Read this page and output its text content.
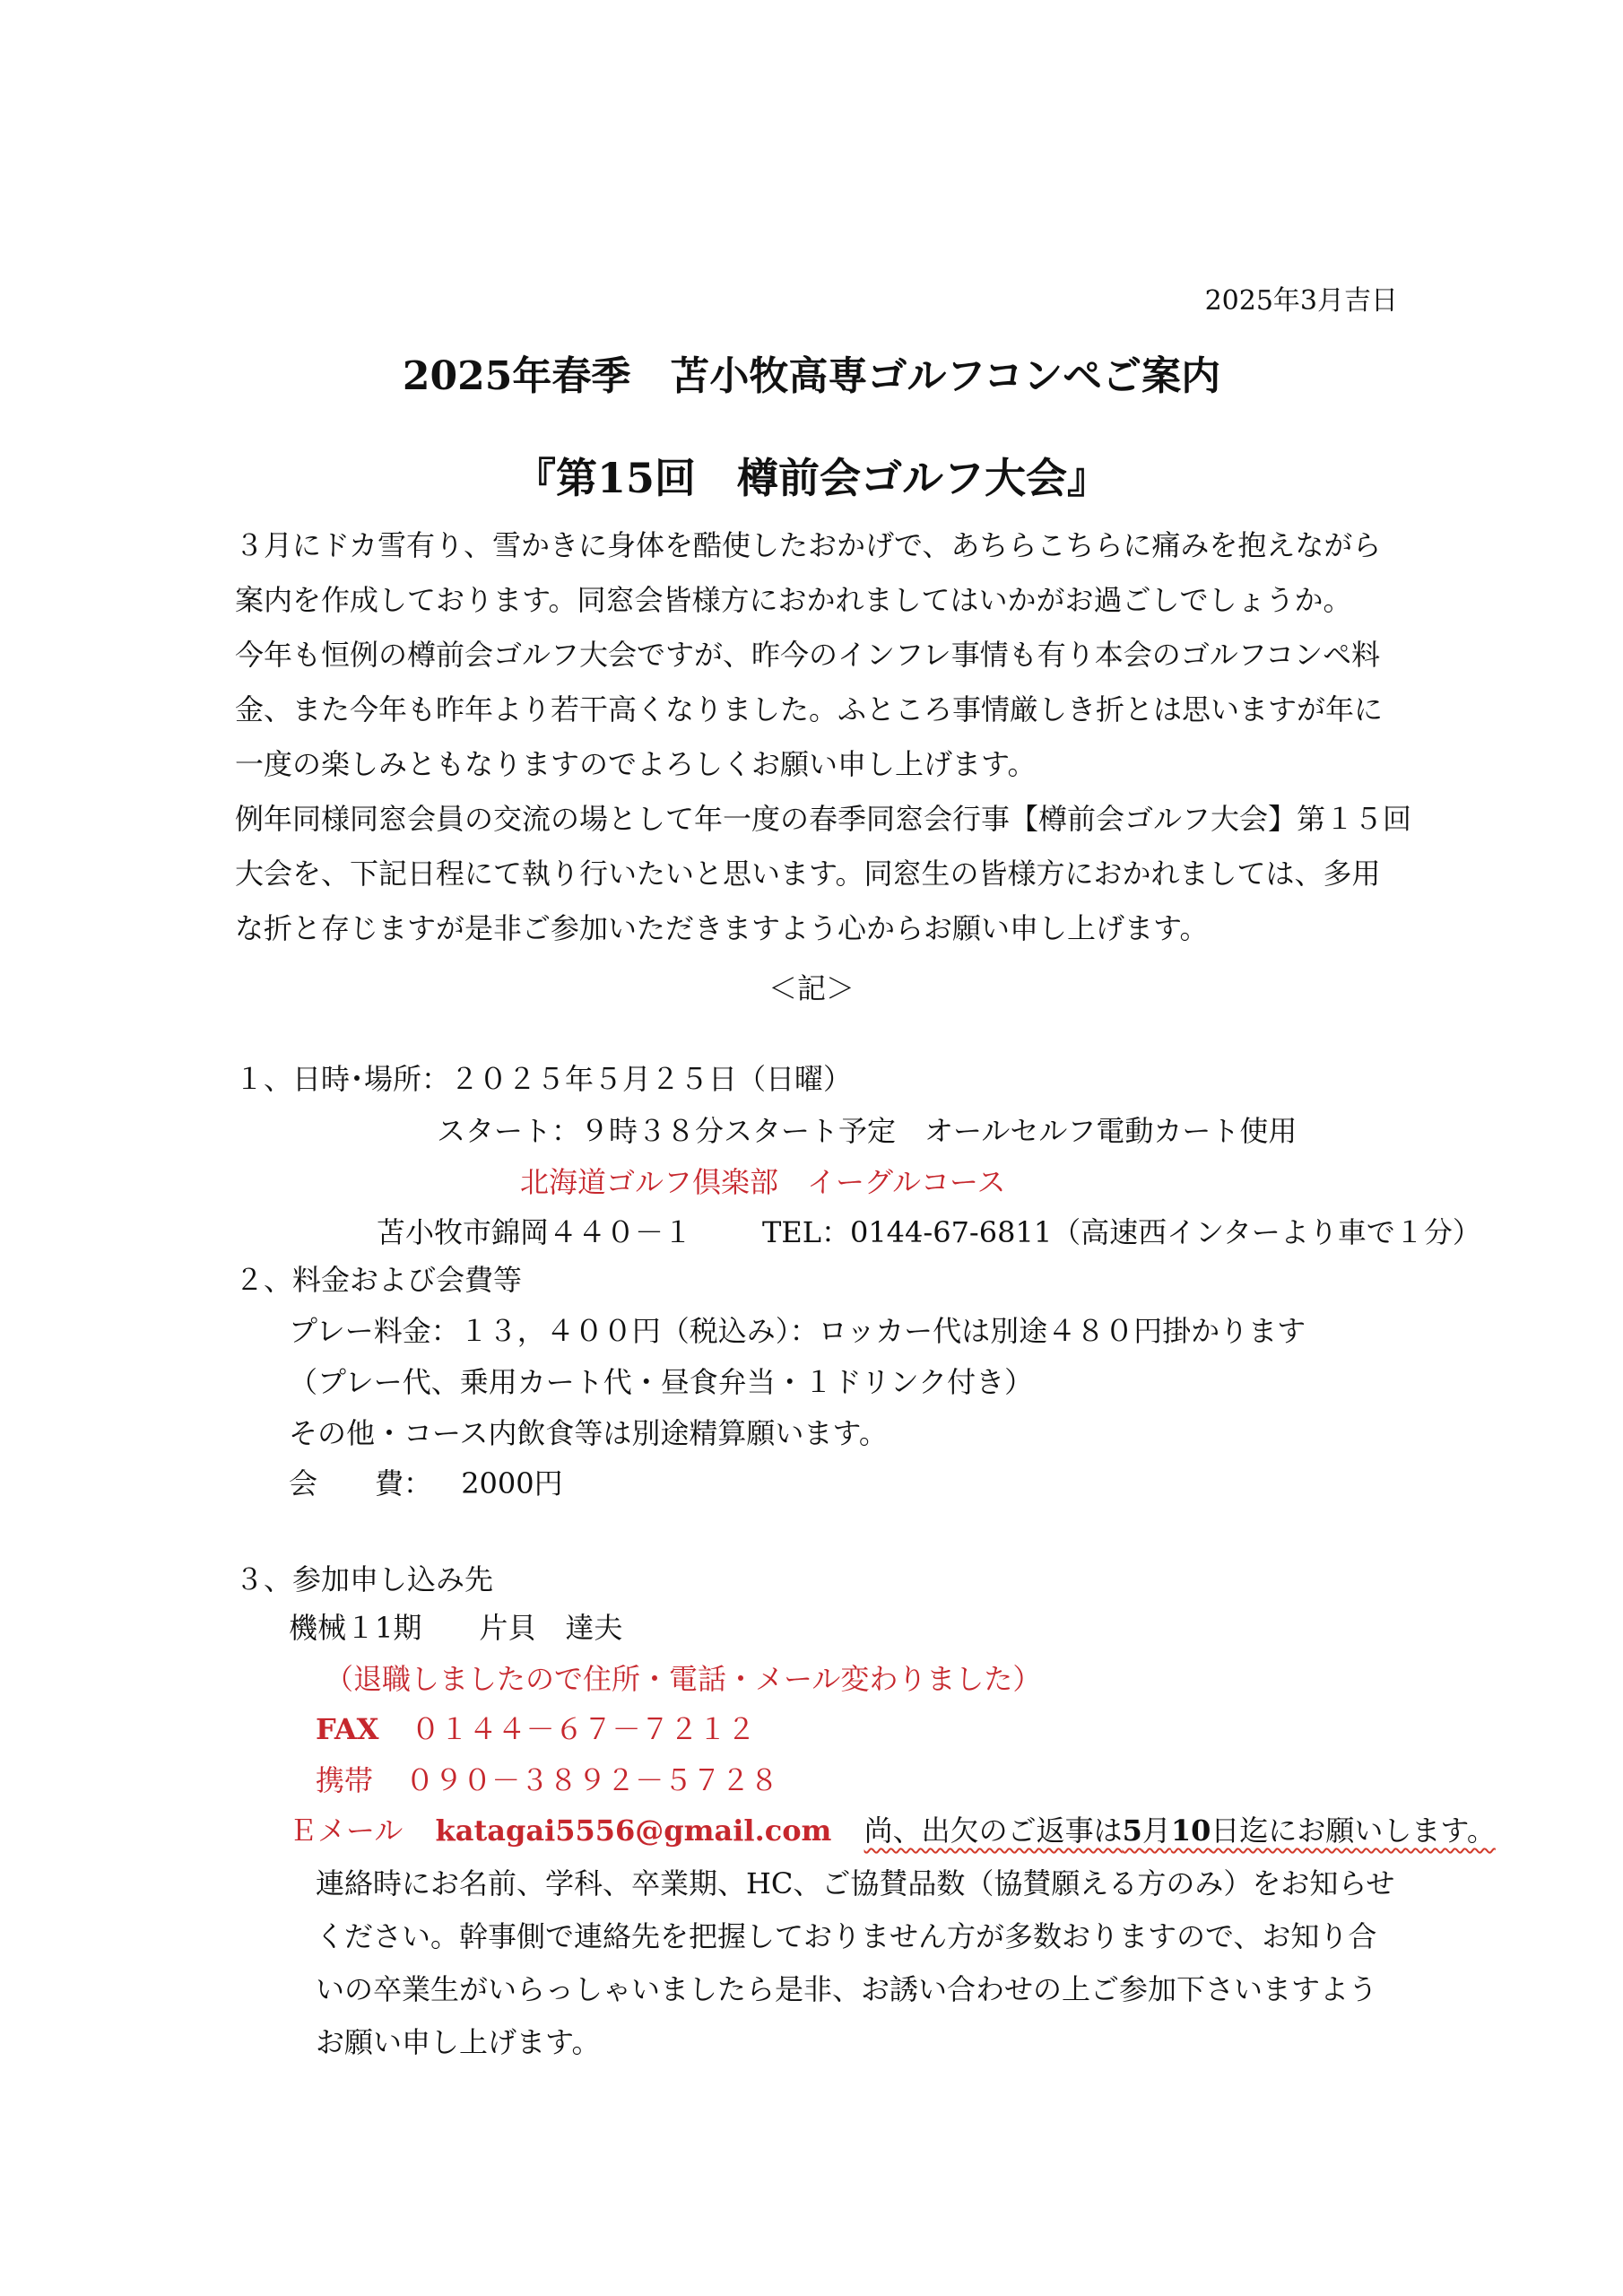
2025年3月吉日
2025年春季　苫小牧高専ゴルフコンペご案内
『第15回　樽前会ゴルフ大会』

３月にドカ雪有り、雪かきに身体を酷使したおかげで、あちらこちらに痛みを抱えながら

案内を作成しております。同窓会皆様方におかれましてはいかがお過ごしでしょうか。

今年も恒例の樽前会ゴルフ大会ですが、昨今のインフレ事情も有り本会のゴルフコンペ料

金、また今年も昨年より若干高くなりました。ふところ事情厳しき折とは思いますが年に

一度の楽しみともなりますのでよろしくお願い申し上げます。

例年同様同窓会員の交流の場として年一度の春季同窓会行事【樽前会ゴルフ大会】第１５回

大会を、下記日程にて執り行いたいと思います。同窓生の皆様方におかれましては、多用

な折と存じますが是非ご参加いただきますよう心からお願い申し上げます。

＜記＞
１、日時･場所：２０２５年５月２５日（日曜）
スタート：９時３８分スタート予定　オールセルフ電動カート使用
北海道ゴルフ倶楽部　イーグルコース
苫小牧市錦岡４４０－１ TEL：0144-67-6811（高速西インターより車で１分）
２、料金および会費等
プレー料金：１３，４００円（税込み）：ロッカー代は別途４８０円掛かります
（プレー代、乗用カート代・昼食弁当・１ドリンク付き）
その他・コース内飲食等は別途精算願います。
会　　費： 2000円
３、参加申し込み先
機械１1期　　片貝　達夫
（退職しましたので住所・電話・メール変わりました）
FAX ０１４４－６７－７２１２
携帯 ０９０－３８９２－５７２８
Ｅメール katagai5556@gmail.com 尚、出欠のご返事は5月10日迄にお願いします。
連絡時にお名前、学科、卒業期、HC、ご協賛品数（協賛願える方のみ）をお知らせ
ください。幹事側で連絡先を把握しておりません方が多数おりますので、お知り合
いの卒業生がいらっしゃいましたら是非、お誘い合わせの上ご参加下さいますよう
お願い申し上げます。
